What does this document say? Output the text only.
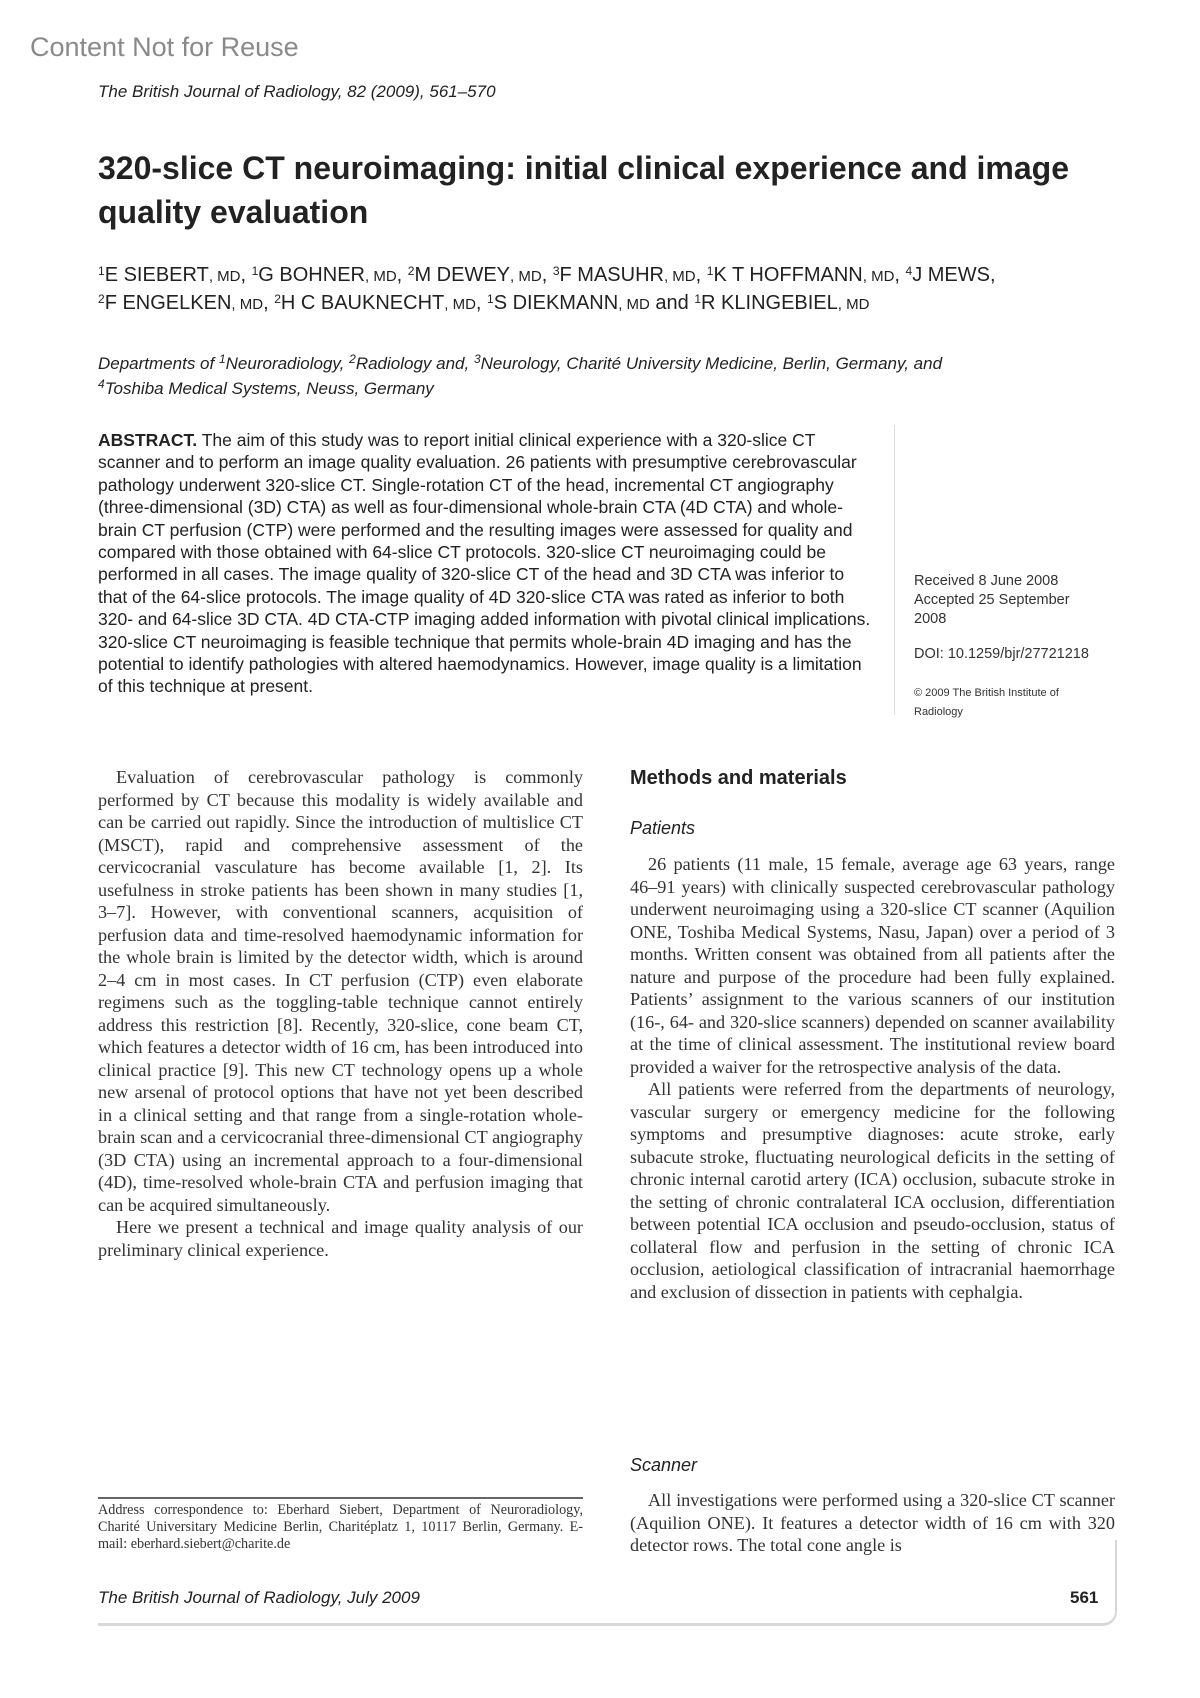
Content Not for Reuse
The British Journal of Radiology, 82 (2009), 561–570
320-slice CT neuroimaging: initial clinical experience and image
quality evaluation
$^1$E SIEBERT, MD, $^1$G BOHNER, MD, $^2$M DEWEY, MD, $^3$F MASUHR, MD, $^1$K T HOFFMANN, MD, $^4$J MEWS,
$^2$F ENGELKEN, MD, $^2$H C BAUKNECHT, MD, $^1$S DIEKMANN, MD and $^1$R KLINGEBIEL, MD
Departments of $^1$Neuroradiology, $^2$Radiology and, $^3$Neurology, Charité University Medicine, Berlin, Germany, and
$^4$Toshiba Medical Systems, Neuss, Germany
ABSTRACT. The aim of this study was to report initial clinical experience with a 320-slice CT scanner and to perform an image quality evaluation. 26 patients with presumptive cerebrovascular pathology underwent 320-slice CT. Single-rotation CT of the head, incremental CT angiography (three-dimensional (3D) CTA) as well as four-dimensional whole-brain CTA (4D CTA) and whole-brain CT perfusion (CTP) were performed and the resulting images were assessed for quality and compared with those obtained with 64-slice CT protocols. 320-slice CT neuroimaging could be performed in all cases. The image quality of 320-slice CT of the head and 3D CTA was inferior to that of the 64-slice protocols. The image quality of 4D 320-slice CTA was rated as inferior to both 320- and 64-slice 3D CTA. 4D CTA-CTP imaging added information with pivotal clinical implications. 320-slice CT neuroimaging is feasible technique that permits whole-brain 4D imaging and has the potential to identify pathologies with altered haemodynamics. However, image quality is a limitation of this technique at present.
Received 8 June 2008
Accepted 25 September 2008
DOI: 10.1259/bjr/27721218
© 2009 The British Institute of Radiology

Evaluation of cerebrovascular pathology is commonly performed by CT because this modality is widely available and can be carried out rapidly. Since the introduction of multislice CT (MSCT), rapid and comprehensive assessment of the cervicocranial vasculature has become available [1, 2]. Its usefulness in stroke patients has been shown in many studies [1, 3–7]. However, with conventional scanners, acquisition of perfusion data and time-resolved haemodynamic information for the whole brain is limited by the detector width, which is around 2–4 cm in most cases. In CT perfusion (CTP) even elaborate regimens such as the toggling-table technique cannot entirely address this restriction [8]. Recently, 320-slice, cone beam CT, which features a detector width of 16 cm, has been introduced into clinical practice [9]. This new CT technology opens up a whole new arsenal of protocol options that have not yet been described in a clinical setting and that range from a single-rotation whole-brain scan and a cervicocranial three-dimensional CT angiography (3D CTA) using an incremental approach to a four-dimensional (4D), time-resolved whole-brain CTA and perfusion imaging that can be acquired simultaneously.

Here we present a technical and image quality analysis of our preliminary clinical experience.

Methods and materials
Patients

26 patients (11 male, 15 female, average age 63 years, range 46–91 years) with clinically suspected cerebrovascular pathology underwent neuroimaging using a 320-slice CT scanner (Aquilion ONE, Toshiba Medical Systems, Nasu, Japan) over a period of 3 months. Written consent was obtained from all patients after the nature and purpose of the procedure had been fully explained. Patients’ assignment to the various scanners of our institution (16-, 64- and 320-slice scanners) depended on scanner availability at the time of clinical assessment. The institutional review board provided a waiver for the retrospective analysis of the data.

All patients were referred from the departments of neurology, vascular surgery or emergency medicine for the following symptoms and presumptive diagnoses: acute stroke, early subacute stroke, fluctuating neurological deficits in the setting of chronic internal carotid artery (ICA) occlusion, subacute stroke in the setting of chronic contralateral ICA occlusion, differentiation between potential ICA occlusion and pseudo-occlusion, status of collateral flow and perfusion in the setting of chronic ICA occlusion, aetiological classification of intracranial haemorrhage and exclusion of dissection in patients with cephalgia.

Scanner

All investigations were performed using a 320-slice CT scanner (Aquilion ONE). It features a detector width of 16 cm with 320 detector rows. The total cone angle is

Address correspondence to: Eberhard Siebert, Department of Neuroradiology, Charité Universitary Medicine Berlin, Charitéplatz 1, 10117 Berlin, Germany. E-mail: eberhard.siebert@charite.de
The British Journal of Radiology, July 2009	561
